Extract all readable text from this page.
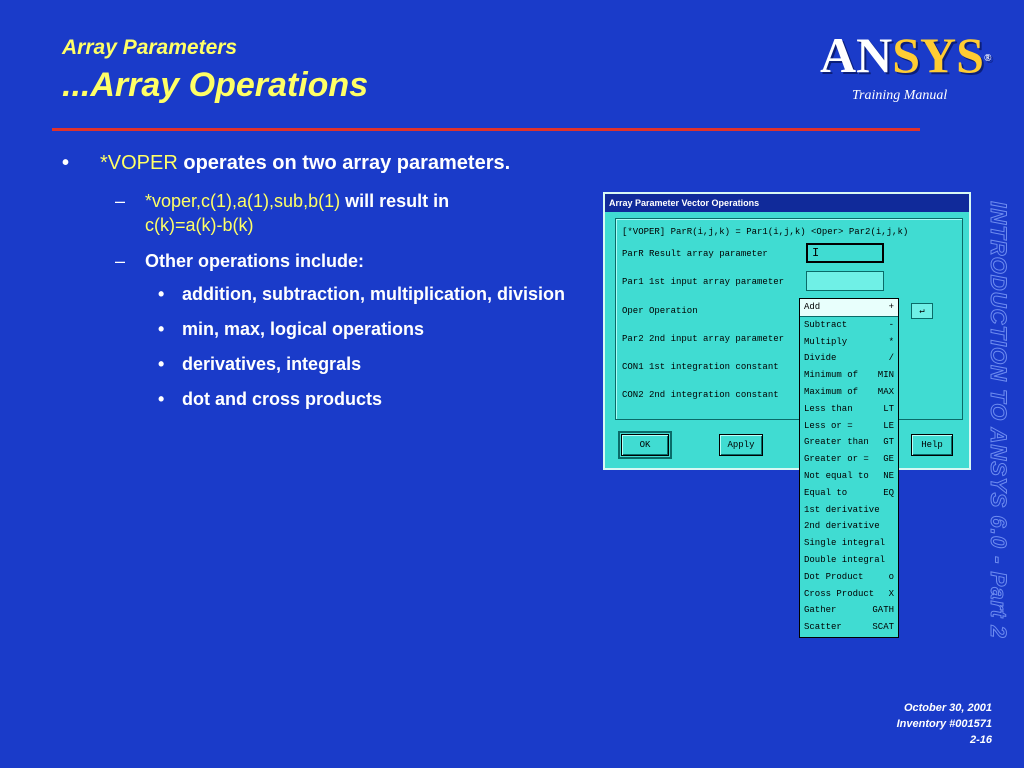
Array Parameters
...Array Operations
ANSYS®
Training Manual
INTRODUCTION TO ANSYS 6.0 - Part 2
• *VOPER operates on two array parameters.
– *voper,c(1),a(1),sub,b(1) will result in
c(k)=a(k)-b(k)
– Other operations include:
• addition, subtraction, multiplication, division
• min, max, logical operations
• derivatives, integrals
• dot and cross products
Array Parameter Vector Operations
[*VOPER] ParR(i,j,k) = Par1(i,j,k) <Oper> Par2(i,j,k)
ParR Result array parameter
Par1 1st input array parameter
Oper Operation
Par2 2nd input array parameter
CON1 1st integration constant
CON2 2nd integration constant
I
↵
OK	Apply	Help
Add	+
Subtract	-
Multiply	*
Divide	/
Minimum of MIN
Maximum of MAX
Less than	LT
Less or =	LE
Greater than GT
Greater or = GE
Not equal to NE
Equal to	EQ
1st derivative
2nd derivative
Single integral
Double integral
Dot Product	o
Cross Product X
Gather	GATH
Scatter	SCAT
October 30, 2001
Inventory #001571
2-16
